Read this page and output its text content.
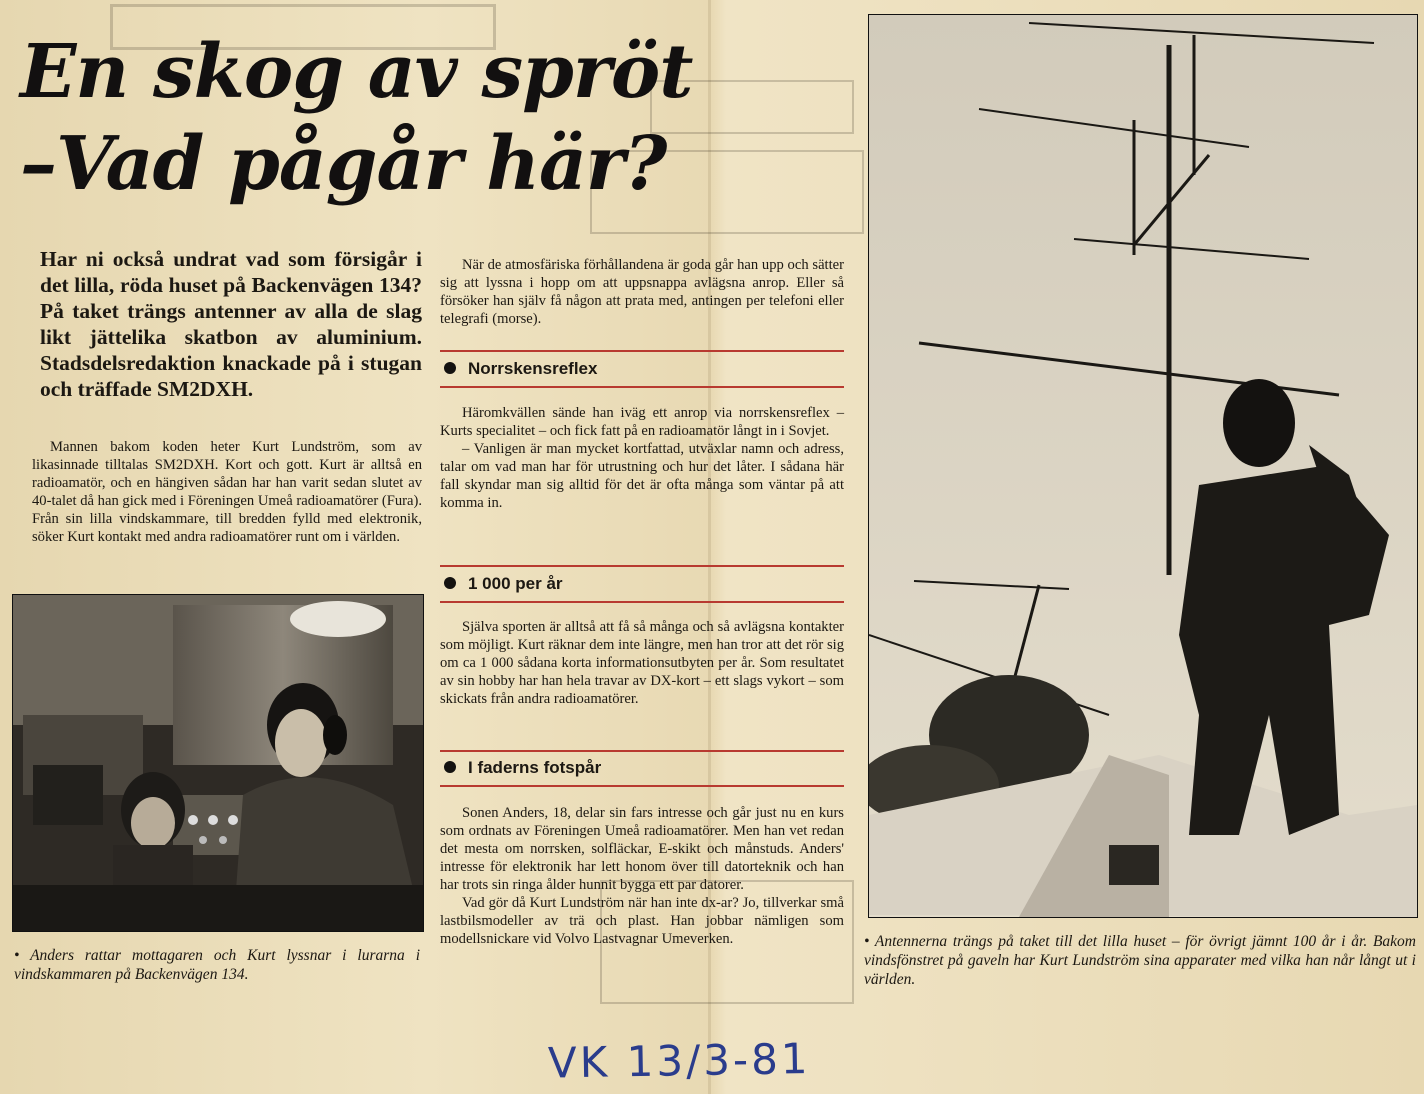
En skog av spröt
–Vad pågår här?

Har ni också undrat vad som försigår i det lilla, röda huset på Backenvägen 134? På taket trängs antenner av alla de slag likt jättelika skatbon av aluminium. Stadsdelsredaktion knackade på i stugan och träffade SM2DXH.

Mannen bakom koden heter Kurt Lundström, som av likasinnade tilltalas SM2DXH. Kort och gott. Kurt är alltså en radioamatör, och en hängiven sådan har han varit sedan slutet av 40-talet då han gick med i Föreningen Umeå radioamatörer (Fura). Från sin lilla vindskammare, till bredden fylld med elektronik, söker Kurt kontakt med andra radioamatörer runt om i världen.

• Anders rattar mottagaren och Kurt lyssnar i lurarna i vindskammaren på Backenvägen 134.

När de atmosfäriska förhållandena är goda går han upp och sätter sig att lyssna i hopp om att uppsnappa avlägsna anrop. Eller så försöker han själv få någon att prata med, antingen per telefoni eller telegrafi (morse).

Norrskensreflex

Häromkvällen sände han iväg ett anrop via norrskensreflex – Kurts specialitet – och fick fatt på en radioamatör långt in i Sovjet.

– Vanligen är man mycket kortfattad, utväxlar namn och adress, talar om vad man har för utrustning och hur det låter. I sådana här fall skyndar man sig alltid för det är ofta många som väntar på att komma in.

1 000 per år

Själva sporten är alltså att få så många och så avlägsna kontakter som möjligt. Kurt räknar dem inte längre, men han tror att det rör sig om ca 1 000 sådana korta informationsutbyten per år. Som resultatet av sin hobby har han hela travar av DX-kort – ett slags vykort – som skickats från andra radioamatörer.

I faderns fotspår

Sonen Anders, 18, delar sin fars intresse och går just nu en kurs som ordnats av Föreningen Umeå radioamatörer. Men han vet redan det mesta om norrsken, solfläckar, E-skikt och månstuds. Anders' intresse för elektronik har lett honom över till datorteknik och han har trots sin ringa ålder hunnit bygga ett par datorer.

Vad gör då Kurt Lundström när han inte dx-ar? Jo, tillverkar små lastbilsmodeller av trä och plast. Han jobbar nämligen som modellsnickare vid Volvo Lastvagnar Umeverken.	• Antennerna trängs på taket till det lilla huset – för övrigt jämnt 100 år i år. Bakom vindsfönstret på gaveln har Kurt Lundström sina apparater med vilka han når långt ut i världen.

VK 13/3-81
